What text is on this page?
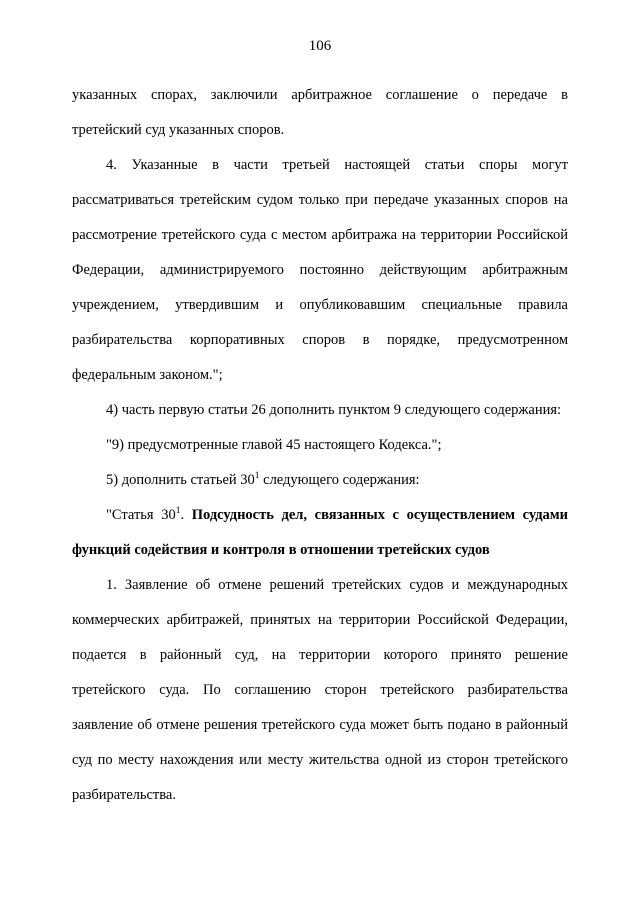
106

указанных спорах, заключили арбитражное соглашение о передаче в третейский суд указанных споров.

4. Указанные в части третьей настоящей статьи споры могут рассматриваться третейским судом только при передаче указанных споров на рассмотрение третейского суда с местом арбитража на территории Российской Федерации, администрируемого постоянно действующим арбитражным учреждением, утвердившим и опубликовавшим специальные правила разбирательства корпоративных споров в порядке, предусмотренном федеральным законом.";

4) часть первую статьи 26 дополнить пунктом 9 следующего содержания:

"9) предусмотренные главой 45 настоящего Кодекса.";

5) дополнить статьей $30^1$ следующего содержания:

"Статья $30^1$. Подсудность дел, связанных с осуществлением судами функций содействия и контроля в отношении третейских судов

1. Заявление об отмене решений третейских судов и международных коммерческих арбитражей, принятых на территории Российской Федерации, подается в районный суд, на территории которого принято решение третейского суда. По соглашению сторон третейского разбирательства заявление об отмене решения третейского суда может быть подано в районный суд по месту нахождения или месту жительства одной из сторон третейского разбирательства.
